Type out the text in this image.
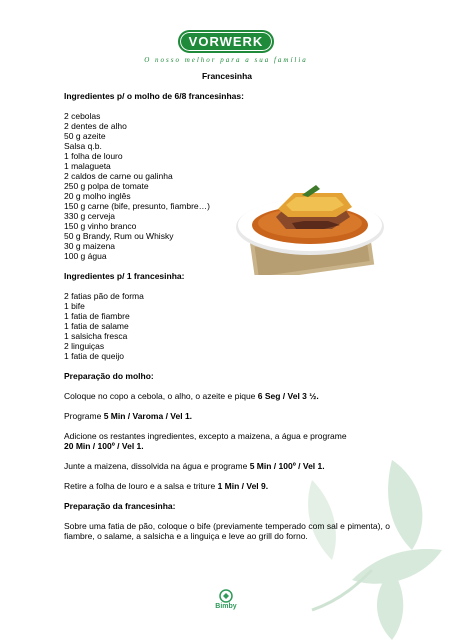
VORWERK
O nosso melhor para a sua família
Bimby
Francesinha
Ingredientes p/ o molho de 6/8 francesinhas:
2 cebolas
2 dentes de alho
50 g azeite
Salsa q.b.
1 folha de louro
1 malagueta
2 caldos de carne ou galinha
250 g polpa de tomate
20 g molho inglês
150 g carne (bife, presunto, fiambre…)
330 g cerveja
150 g vinho branco
50 g Brandy, Rum ou Whisky
30 g maizena
100 g água
Ingredientes p/ 1 francesinha:
2 fatias pão de forma
1 bife
1 fatia de fiambre
1 fatia de salame
1 salsicha fresca
2 linguiças
1 fatia de queijo
Preparação do molho:
Coloque no copo a cebola, o alho, o azeite e pique 6 Seg / Vel 3 ½.
Programe 5 Min / Varoma / Vel 1.
Adicione os restantes ingredientes, excepto a maizena, a água e programe
20 Min / 100º / Vel 1.
Junte a maizena, dissolvida na água e programe 5 Min / 100º / Vel 1.
Retire a folha de louro e a salsa e triture 1 Min / Vel 9.
Preparação da francesinha:
Sobre uma fatia de pão, coloque o bife (previamente temperado com sal e pimenta), o fiambre, o salame, a salsicha e a linguiça e leve ao grill do forno.
